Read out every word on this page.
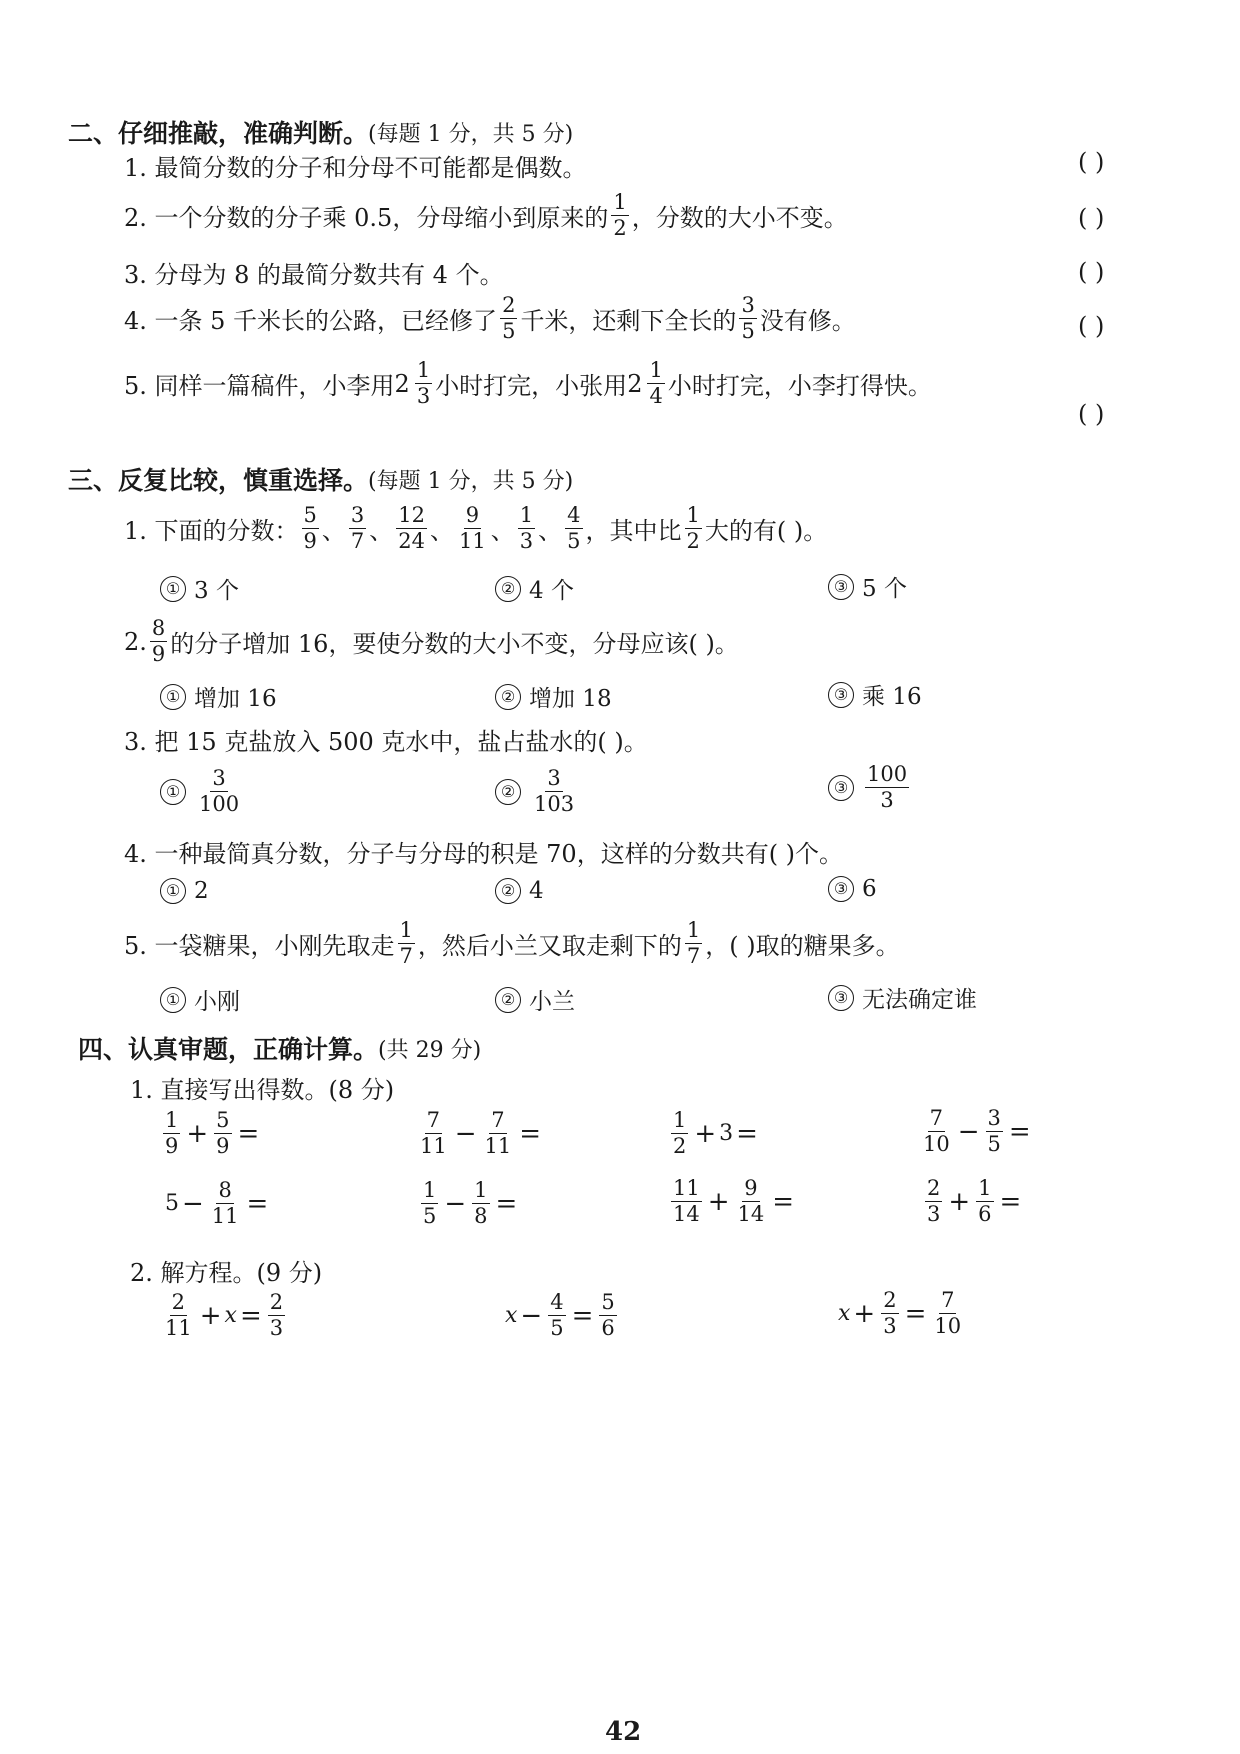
二、仔细推敲，准确判断。 (每题 1 分，共 5 分)
1. 最简分数的分子和分母不可能都是偶数。	( )
2. 一个分数的分子乘 0.5，分母缩小到原来的 $\frac{1}{2}$ ，分数的大小不变。	( )
3. 分母为 8 的最简分数共有 4 个。	( )
4. 一条 5 千米长的公路，已经修了 $\frac{2}{5}$ 千米，还剩下全长的 $\frac{3}{5}$ 没有修。	( )
5. 同样一篇稿件，小李用 $2 \frac{1}{3}$ 小时打完，小张用 $2 \frac{1}{4}$ 小时打完，小李打得快。
( )
三、反复比较，慎重选择。 (每题 1 分，共 5 分)
1. 下面的分数： $\frac{5}{9}$ 、 $\frac{3}{7}$ 、 $\frac{12}{24}$ 、 $\frac{9}{11}$ 、 $\frac{1}{3}$ 、 $\frac{4}{5}$ ，其中比 $\frac{1}{2}$ 大的有( )。
① 3 个	② 4 个	③ 5 个
2. $\frac{8}{9}$ 的分子增加 16，要使分数的大小不变，分母应该( )。
① 增加 16	② 增加 18	③ 乘 16
3. 把 15 克盐放入 500 克水中，盐占盐水的( )。
① $\frac{3}{100}$	② $\frac{3}{103}$	③ $\frac{100}{3}$
4. 一种最简真分数，分子与分母的积是 70，这样的分数共有( )个。
① 2	② 4	③ 6
5. 一袋糖果，小刚先取走 $\frac{1}{7}$ ，然后小兰又取走剩下的 $\frac{1}{7}$ ，( )取的糖果多。
① 小刚	② 小兰	③ 无法确定谁
四、认真审题，正确计算。 (共 29 分)
1. 直接写出得数。(8 分)
$\frac{1}{9} + \frac{5}{9}$ =	$\frac{7}{11} - \frac{7}{11}$ =	$\frac{1}{2} + 3$ =	$\frac{7}{10} - \frac{3}{5}$ =
$5 - \frac{8}{11}$ =	$\frac{1}{5} - \frac{1}{8}$ =	$\frac{11}{14} + \frac{9}{14}$ =	$\frac{2}{3} + \frac{1}{6}$ =
2. 解方程。(9 分)
$\frac{2}{11} + x = \frac{2}{3}$	$x - \frac{4}{5} = \frac{5}{6}$	$x + \frac{2}{3} = \frac{7}{10}$
42
